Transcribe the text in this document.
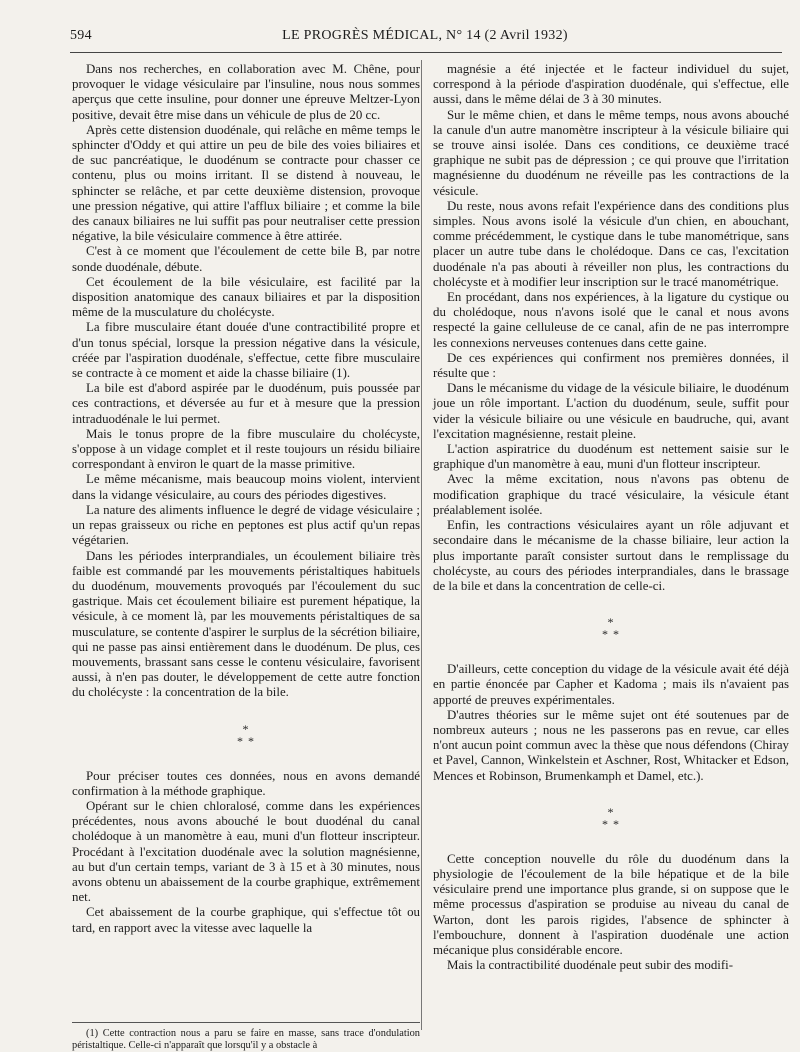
594	LE PROGRÈS MÉDICAL, N° 14 (2 Avril 1932)

Dans nos recherches, en collaboration avec M. Chêne, pour provoquer le vidage vésiculaire par l'insuline, nous nous sommes aperçus que cette insuline, pour donner une épreuve Meltzer-Lyon positive, devait être mise dans un véhicule de plus de 20 cc.

Après cette distension duodénale, qui relâche en même temps le sphincter d'Oddy et qui attire un peu de bile des voies biliaires et de suc pancréatique, le duodénum se contracte pour chasser ce contenu, plus ou moins irritant. Il se distend à nouveau, le sphincter se relâche, et par cette deuxième distension, provoque une pression négative, qui attire l'afflux biliaire ; et comme la bile des canaux biliaires ne lui suffit pas pour neutraliser cette pression négative, la bile vésiculaire commence à être attirée.

C'est à ce moment que l'écoulement de cette bile B, par notre sonde duodénale, débute.

Cet écoulement de la bile vésiculaire, est facilité par la disposition anatomique des canaux biliaires et par la disposition même de la musculature du cholécyste.

La fibre musculaire étant douée d'une contractibilité propre et d'un tonus spécial, lorsque la pression négative dans la vésicule, créée par l'aspiration duodénale, s'effectue, cette fibre musculaire se contracte à ce moment et aide la chasse biliaire (1).

La bile est d'abord aspirée par le duodénum, puis poussée par ces contractions, et déversée au fur et à mesure que la pression intraduodénale le lui permet.

Mais le tonus propre de la fibre musculaire du cholécyste, s'oppose à un vidage complet et il reste toujours un résidu biliaire correspondant à environ le quart de la masse primitive.

Le même mécanisme, mais beaucoup moins violent, intervient dans la vidange vésiculaire, au cours des périodes digestives.

La nature des aliments influence le degré de vidage vésiculaire ; un repas graisseux ou riche en peptones est plus actif qu'un repas végétarien.

Dans les périodes interprandiales, un écoulement biliaire très faible est commandé par les mouvements péristaltiques habituels du duodénum, mouvements provoqués par l'écoulement du suc gastrique. Mais cet écoulement biliaire est purement hépatique, la vésicule, à ce moment là, par les mouvements péristaltiques de sa musculature, se contente d'aspirer le surplus de la sécrétion biliaire, qui ne passe pas ainsi entièrement dans le duodénum. De plus, ces mouvements, brassant sans cesse le contenu vésiculaire, favorisent aussi, à n'en pas douter, le développement de cette autre fonction du cholécyste : la concentration de la bile.

*
* *

Pour préciser toutes ces données, nous en avons demandé confirmation à la méthode graphique.

Opérant sur le chien chloralosé, comme dans les expériences précédentes, nous avons abouché le bout duodénal du canal cholédoque à un manomètre à eau, muni d'un flotteur inscripteur. Procédant à l'excitation duodénale avec la solution magnésienne, au but d'un certain temps, variant de 3 à 15 et à 30 minutes, nous avons obtenu un abaissement de la courbe graphique, extrêmement net.

Cet abaissement de la courbe graphique, qui s'effectue tôt ou tard, en rapport avec la vitesse avec laquelle la

(1) Cette contraction nous a paru se faire en masse, sans trace d'ondulation péristaltique. Celle-ci n'apparaît que lorsqu'il y a obstacle à

magnésie a été injectée et le facteur individuel du sujet, correspond à la période d'aspiration duodénale, qui s'effectue, elle aussi, dans le même délai de 3 à 30 minutes.

Sur le même chien, et dans le même temps, nous avons abouché la canule d'un autre manomètre inscripteur à la vésicule biliaire qui se trouve ainsi isolée. Dans ces conditions, ce deuxième tracé graphique ne subit pas de dépression ; ce qui prouve que l'irritation magnésienne du duodénum ne réveille pas les contractions de la vésicule.

Du reste, nous avons refait l'expérience dans des conditions plus simples. Nous avons isolé la vésicule d'un chien, en abouchant, comme précédemment, le cystique dans le tube manométrique, sans placer un autre tube dans le cholédoque. Dans ce cas, l'excitation duodénale n'a pas abouti à réveiller non plus, les contractions du cholécyste et à modifier leur inscription sur le tracé manométrique.

En procédant, dans nos expériences, à la ligature du cystique ou du cholédoque, nous n'avons isolé que le canal et nous avons respecté la gaine celluleuse de ce canal, afin de ne pas interrompre les connexions nerveuses contenues dans cette gaine.

De ces expériences qui confirment nos premières données, il résulte que :

Dans le mécanisme du vidage de la vésicule biliaire, le duodénum joue un rôle important. L'action du duodénum, seule, suffit pour vider la vésicule biliaire ou une vésicule en baudruche, qui, avant l'excitation magnésienne, restait pleine.

L'action aspiratrice du duodénum est nettement saisie sur le graphique d'un manomètre à eau, muni d'un flotteur inscripteur.

Avec la même excitation, nous n'avons pas obtenu de modification graphique du tracé vésiculaire, la vésicule étant préalablement isolée.

Enfin, les contractions vésiculaires ayant un rôle adjuvant et secondaire dans le mécanisme de la chasse biliaire, leur action la plus importante paraît consister surtout dans le remplissage du cholécyste, au cours des périodes interprandiales, dans le brassage de la bile et dans la concentration de celle-ci.

*
* *

D'ailleurs, cette conception du vidage de la vésicule avait été déjà en partie énoncée par Capher et Kadoma ; mais ils n'avaient pas apporté de preuves expérimentales.

D'autres théories sur le même sujet ont été soutenues par de nombreux auteurs ; nous ne les passerons pas en revue, car elles n'ont aucun point commun avec la thèse que nous défendons (Chiray et Pavel, Cannon, Winkelstein et Aschner, Rost, Whitacker et Edson, Mences et Robinson, Brumenkamph et Damel, etc.).

*
* *

Cette conception nouvelle du rôle du duodénum dans la physiologie de l'écoulement de la bile hépatique et de la bile vésiculaire prend une importance plus grande, si on suppose que le même processus d'aspiration se produise au niveau du canal de Warton, dont les parois rigides, l'absence de sphincter à l'embouchure, donnent à l'aspiration duodénale une action mécanique plus considérable encore.

Mais la contractibilité duodénale peut subir des modifi-
